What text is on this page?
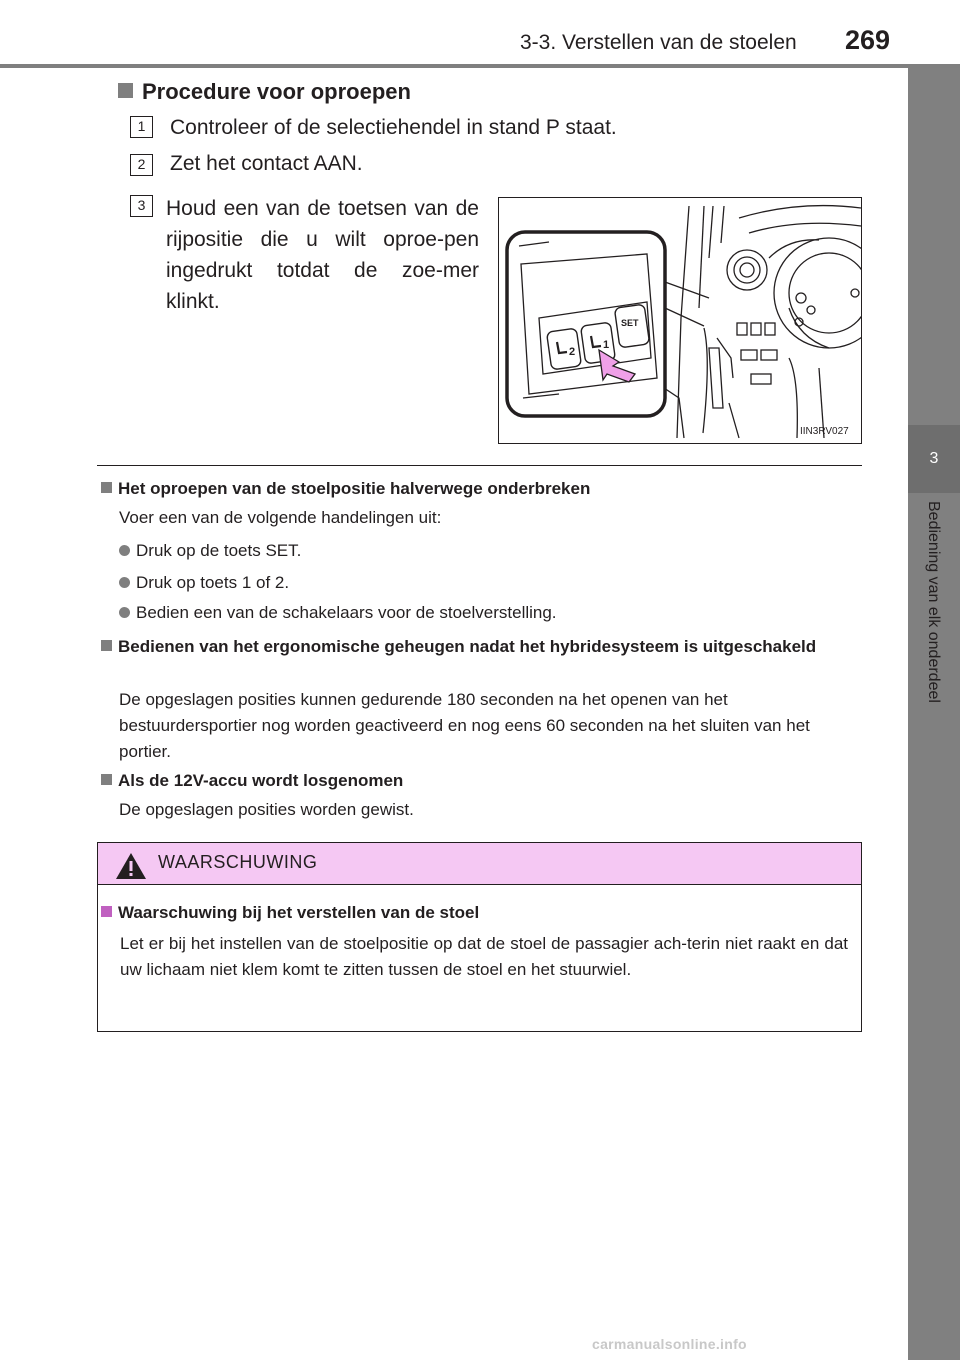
3-3. Verstellen van de stoelen 269
3
Bediening van elk onderdeel
Procedure voor oproepen
1	Controleer of de selectiehendel in stand P staat.
2	Zet het contact AAN.
3 Houd een van de toetsen van de rijpositie die u wilt oproe-pen ingedrukt totdat de zoe-mer klinkt.
2
1
SET
IIN3RV027
Het oproepen van de stoelpositie halverwege onderbreken
Voer een van de volgende handelingen uit:
Druk op de toets SET.
Druk op toets 1 of 2.
Bedien een van de schakelaars voor de stoelverstelling.
Bedienen van het ergonomische geheugen nadat het hybridesysteem is uitgeschakeld
De opgeslagen posities kunnen gedurende 180 seconden na het openen van het bestuurdersportier nog worden geactiveerd en nog eens 60 seconden na het sluiten van het portier.
Als de 12V-accu wordt losgenomen
De opgeslagen posities worden gewist.
WAARSCHUWING
Waarschuwing bij het verstellen van de stoel
Let er bij het instellen van de stoelpositie op dat de stoel de passagier ach-terin niet raakt en dat uw lichaam niet klem komt te zitten tussen de stoel en het stuurwiel.
carmanualsonline.info
